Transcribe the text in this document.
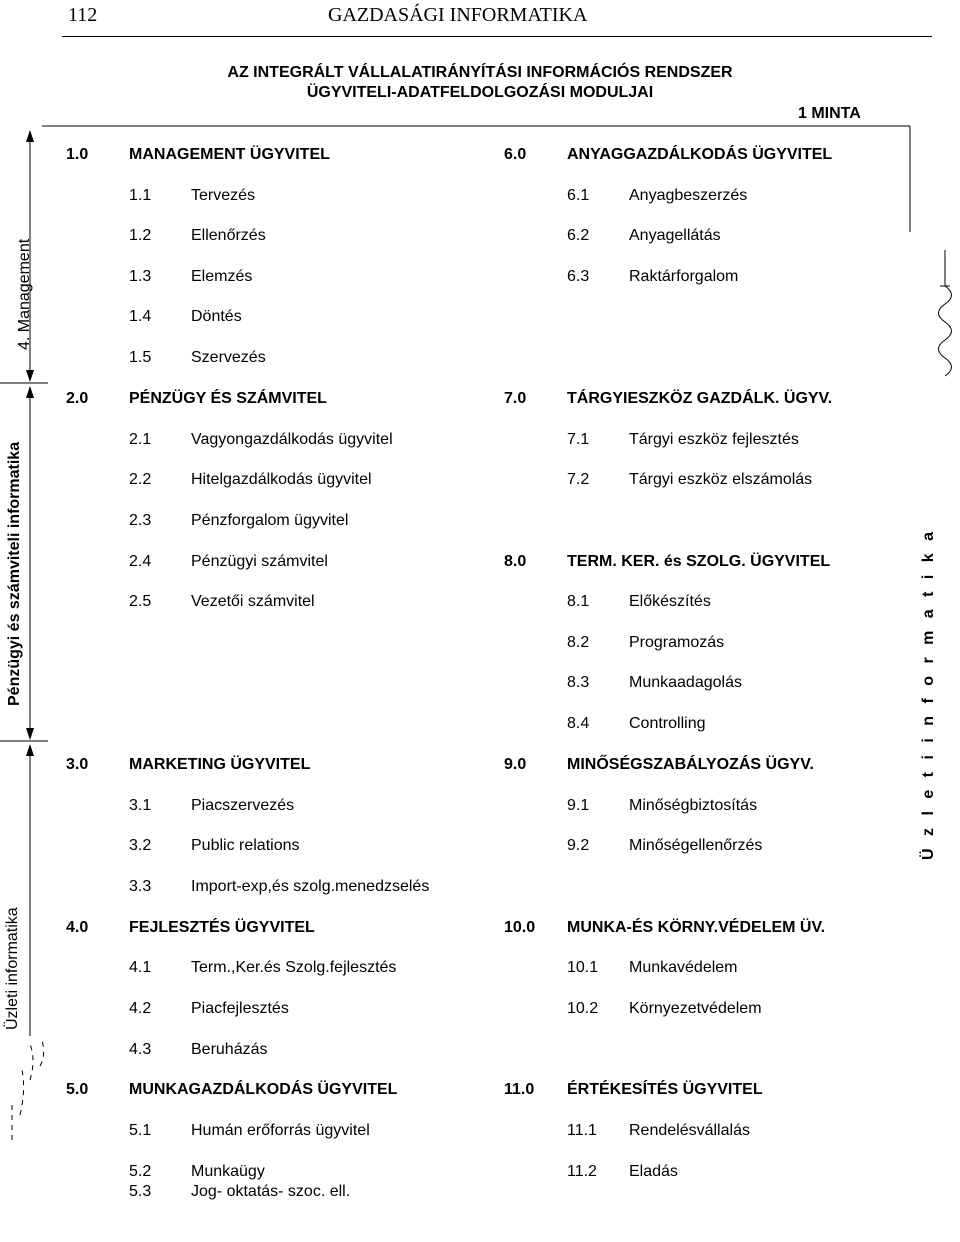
112	GAZDASÁGI INFORMATIKA
AZ INTEGRÁLT VÁLLALATIRÁNYÍTÁSI INFORMÁCIÓS RENDSZER
ÜGYVITELI-ADATFELDOLGOZÁSI MODULJAI
1 MINTA
4. Management
Pénzügyi és számviteli informatika
Üzleti informatika
Ü z l e t i i n f o r m a t i k a
1.0	MANAGEMENT ÜGYVITEL
1.1 Tervezés
1.2 Ellenőrzés
1.3 Elemzés
1.4 Döntés
1.5 Szervezés
2.0	PÉNZÜGY ÉS SZÁMVITEL
2.1 Vagyongazdálkodás ügyvitel
2.2 Hitelgazdálkodás ügyvitel
2.3 Pénzforgalom ügyvitel
2.4 Pénzügyi számvitel
2.5 Vezetői számvitel
3.0	MARKETING ÜGYVITEL
3.1 Piacszervezés
3.2 Public relations
3.3 Import-exp,és szolg.menedzselés
4.0	FEJLESZTÉS ÜGYVITEL
4.1 Term.,Ker.és Szolg.fejlesztés
4.2 Piacfejlesztés
4.3 Beruházás
5.0	MUNKAGAZDÁLKODÁS ÜGYVITEL
5.1 Humán erőforrás ügyvitel
5.2 Munkaügy
5.3 Jog- oktatás- szoc. ell.
6.0	ANYAGGAZDÁLKODÁS ÜGYVITEL
6.1 Anyagbeszerzés
6.2 Anyagellátás
6.3 Raktárforgalom
7.0	TÁRGYIESZKÖZ GAZDÁLK. ÜGYV.
7.1 Tárgyi eszköz fejlesztés
7.2 Tárgyi eszköz elszámolás
8.0	TERM. KER. és SZOLG. ÜGYVITEL
8.1 Előkészítés
8.2 Programozás
8.3 Munkaadagolás
8.4 Controlling
9.0	MINŐSÉGSZABÁLYOZÁS ÜGYV.
9.1 Minőségbiztosítás
9.2 Minőségellenőrzés
10.0 MUNKA-ÉS KÖRNY.VÉDELEM ÜV.
10.1 Munkavédelem
10.2 Környezetvédelem
11.0 ÉRTÉKESÍTÉS ÜGYVITEL
11.1 Rendelésvállalás
11.2 Eladás
